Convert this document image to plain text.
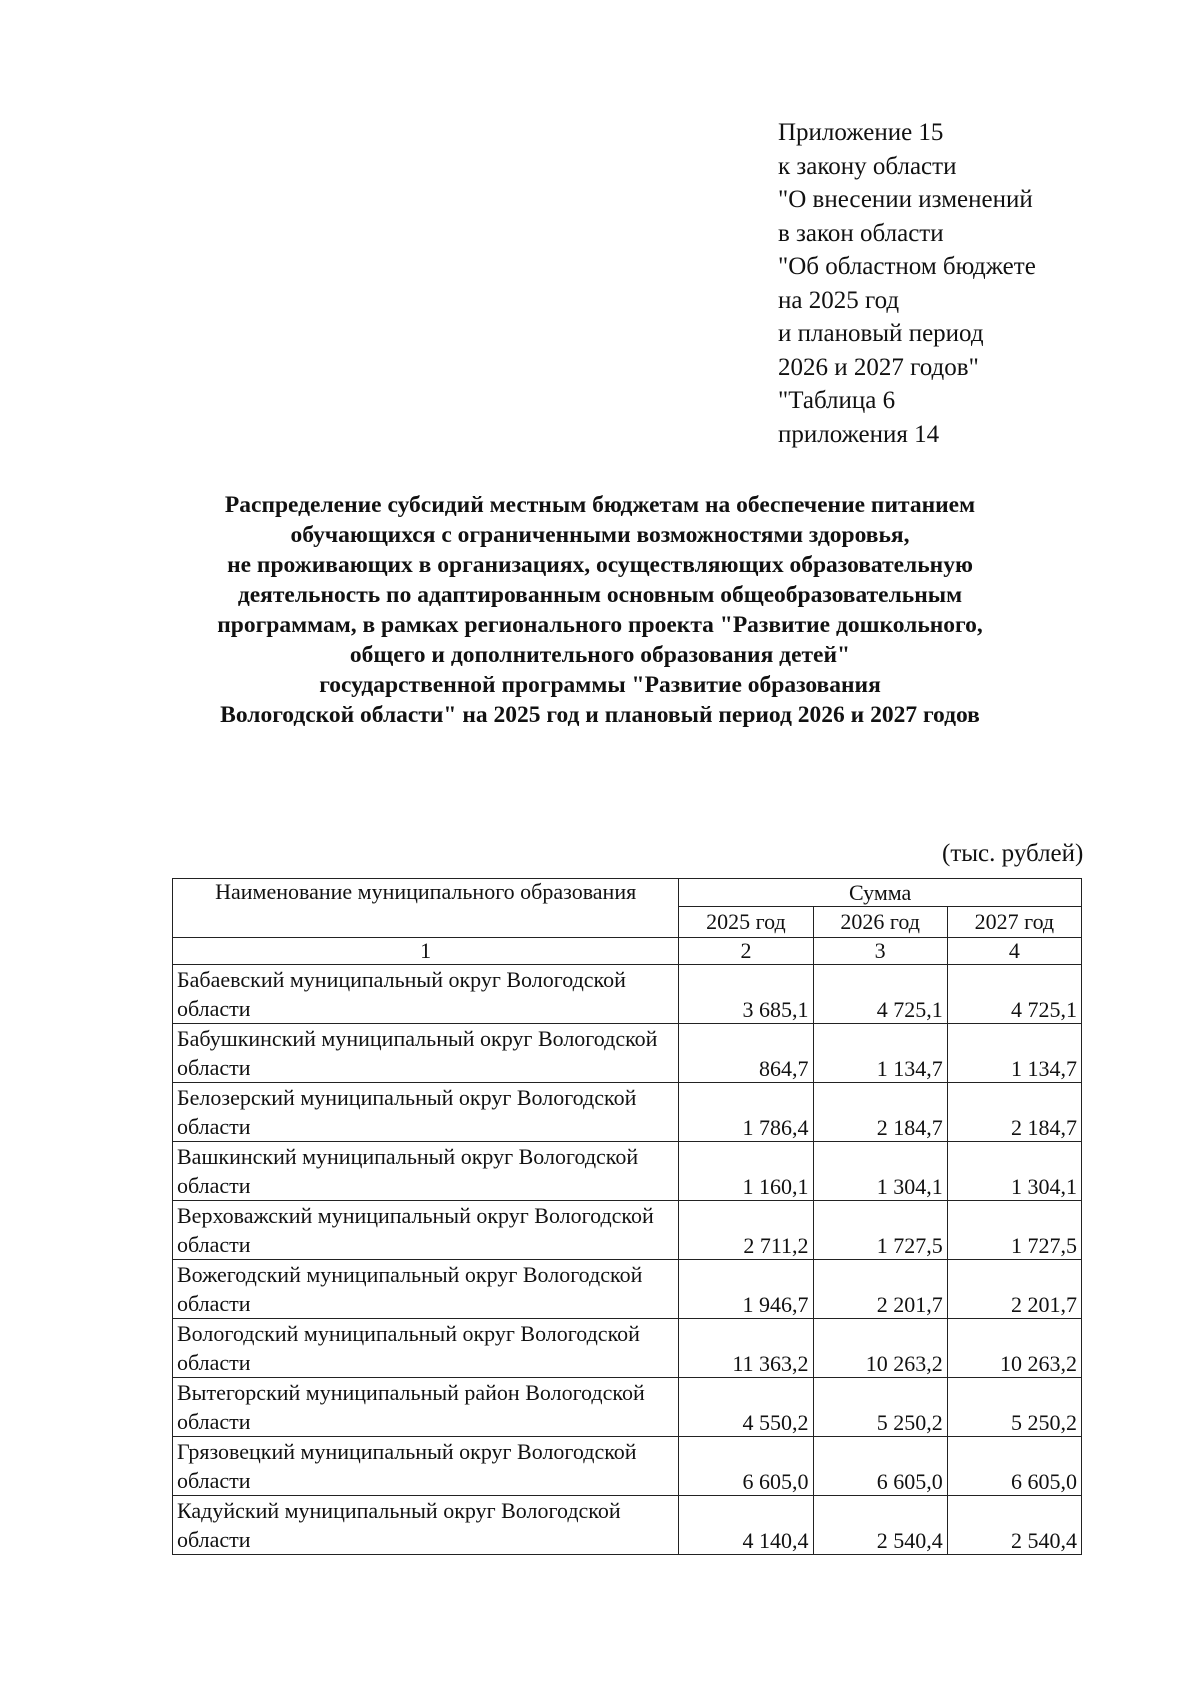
Приложение 15
к закону области
"О внесении изменений
в закон области
"Об областном бюджете
на 2025 год
и плановый период
2026 и 2027 годов"
"Таблица 6
приложения 14
Распределение субсидий местным бюджетам на обеспечение питанием
обучающихся с ограниченными возможностями здоровья,
не проживающих в организациях, осуществляющих образовательную
деятельность по адаптированным основным общеобразовательным
программам, в рамках регионального проекта "Развитие дошкольного,
общего и дополнительного образования детей"
государственной программы "Развитие образования
Вологодской области" на 2025 год и плановый период 2026 и 2027 годов
(тыс. рублей)
Наименование муниципального образования	Сумма		
	2025 год	2026 год	2027 год
1	2	3	4
Бабаевский муниципальный округ Вологодской области	3 685,1	4 725,1	4 725,1
Бабушкинский муниципальный округ Вологодской области	864,7	1 134,7	1 134,7
Белозерский муниципальный округ Вологодской области	1 786,4	2 184,7	2 184,7
Вашкинский муниципальный округ Вологодской области	1 160,1	1 304,1	1 304,1
Верховажский муниципальный округ Вологодской области	2 711,2	1 727,5	1 727,5
Вожегодский муниципальный округ Вологодской области	1 946,7	2 201,7	2 201,7
Вологодский муниципальный округ Вологодской области	11 363,2	10 263,2	10 263,2
Вытегорский муниципальный район Вологодской области	4 550,2	5 250,2	5 250,2
Грязовецкий муниципальный округ Вологодской области	6 605,0	6 605,0	6 605,0
Кадуйский муниципальный округ Вологодской области	4 140,4	2 540,4	2 540,4
